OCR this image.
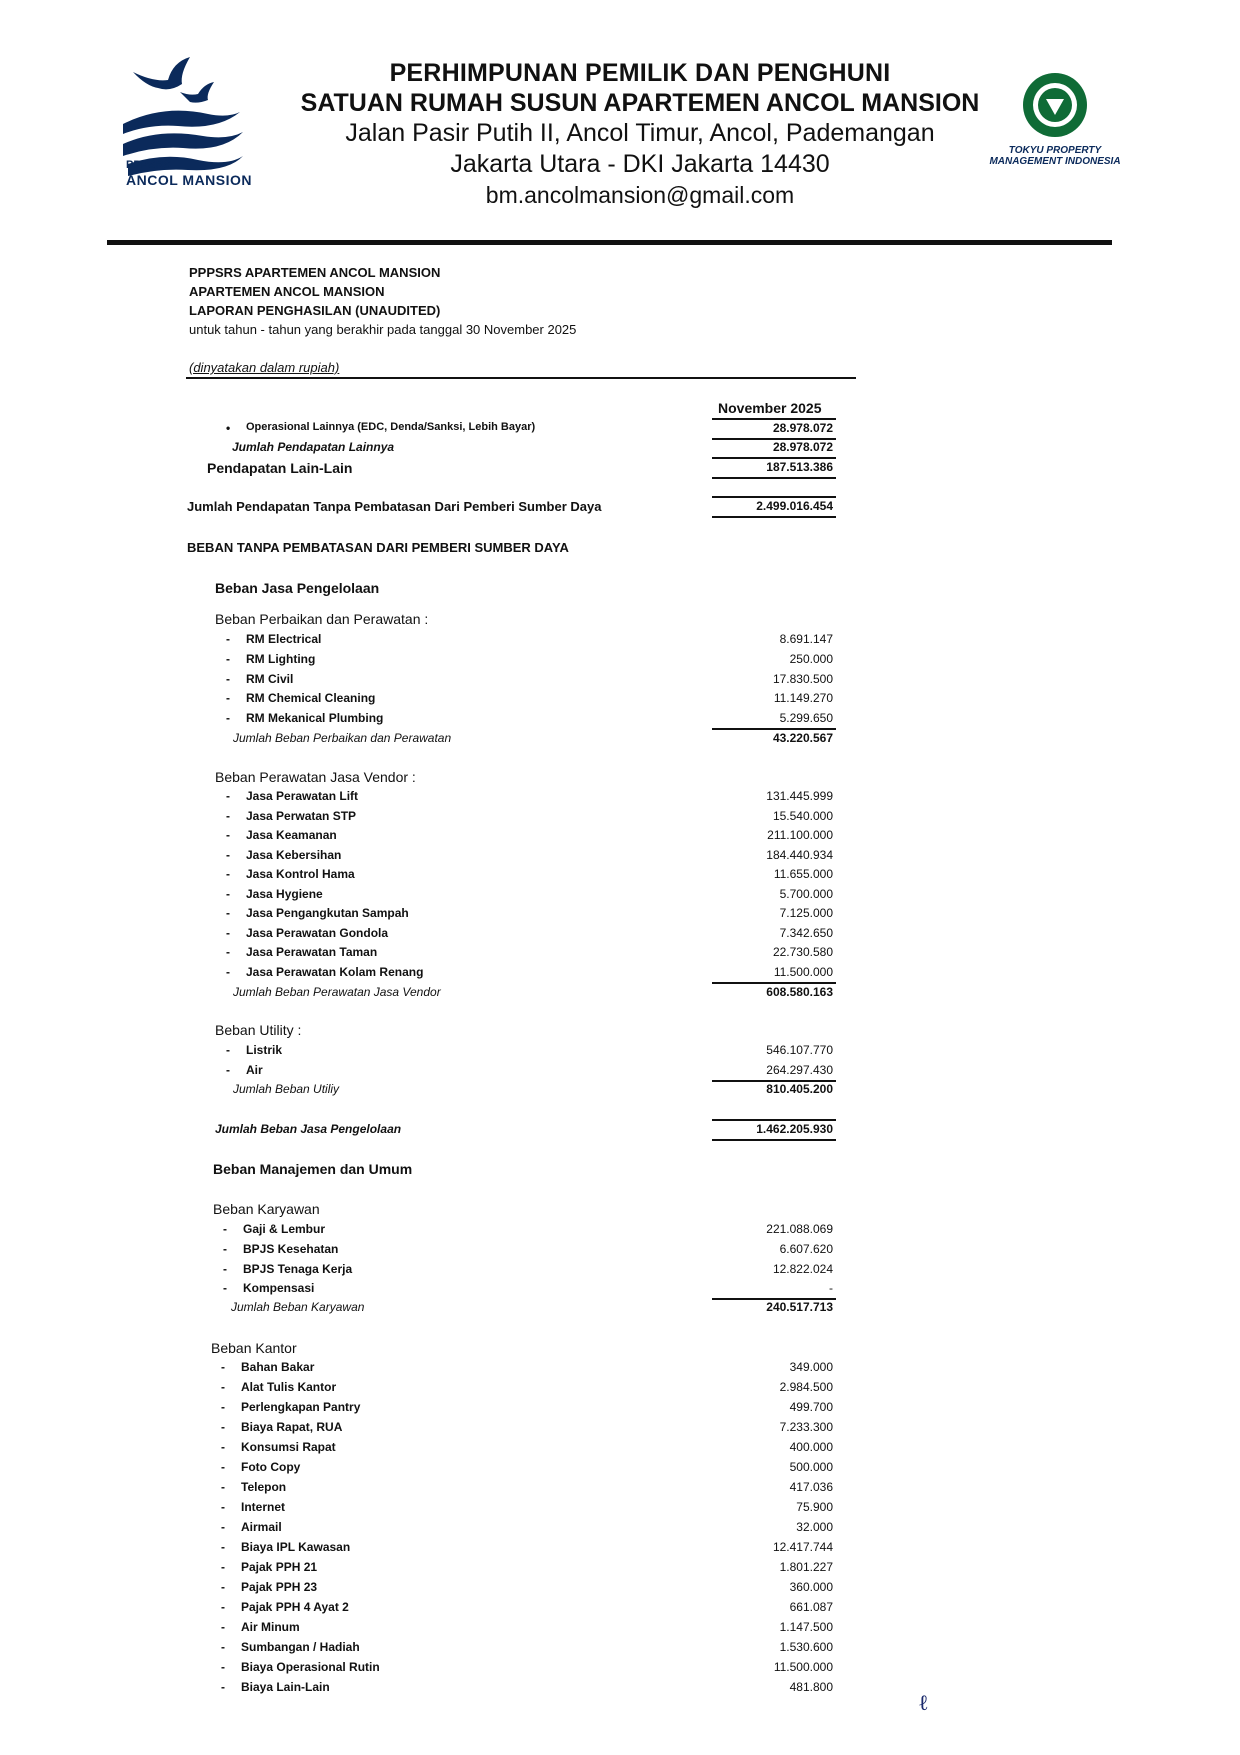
PPPSRS
ANCOL MANSION
PERHIMPUNAN PEMILIK DAN PENGHUNI
SATUAN RUMAH SUSUN APARTEMEN ANCOL MANSION
Jalan Pasir Putih II, Ancol Timur, Ancol, Pademangan
Jakarta Utara - DKI Jakarta 14430
bm.ancolmansion@gmail.com
TOKYU PROPERTY
MANAGEMENT INDONESIA
PPPSRS APARTEMEN ANCOL MANSION
APARTEMEN ANCOL MANSION
LAPORAN PENGHASILAN (UNAUDITED)
untuk tahun - tahun yang berakhir pada tanggal 30 November 2025
(dinyatakan dalam rupiah)
November 2025
• Operasional Lainnya (EDC, Denda/Sanksi, Lebih Bayar)	28.978.072
Jumlah Pendapatan Lainnya	28.978.072
Pendapatan Lain-Lain	187.513.386
Jumlah Pendapatan Tanpa Pembatasan Dari Pemberi Sumber Daya	2.499.016.454
BEBAN TANPA PEMBATASAN DARI PEMBERI SUMBER DAYA
Beban Jasa Pengelolaan
Beban Perbaikan dan Perawatan :
- RM Electrical	8.691.147
- RM Lighting	250.000
- RM Civil	17.830.500
- RM Chemical Cleaning	11.149.270
- RM Mekanical Plumbing	5.299.650
Jumlah Beban Perbaikan dan Perawatan	43.220.567
Beban Perawatan Jasa Vendor :
- Jasa Perawatan Lift	131.445.999
- Jasa Perwatan STP	15.540.000
- Jasa Keamanan	211.100.000
- Jasa Kebersihan	184.440.934
- Jasa Kontrol Hama	11.655.000
- Jasa Hygiene	5.700.000
- Jasa Pengangkutan Sampah	7.125.000
- Jasa Perawatan Gondola	7.342.650
- Jasa Perawatan Taman	22.730.580
- Jasa Perawatan Kolam Renang	11.500.000
Jumlah Beban Perawatan Jasa Vendor	608.580.163
Beban Utility :
- Listrik	546.107.770
- Air	264.297.430
Jumlah Beban Utiliy	810.405.200
Jumlah Beban Jasa Pengelolaan	1.462.205.930
Beban Manajemen dan Umum
Beban Karyawan
- Gaji & Lembur	221.088.069
- BPJS Kesehatan	6.607.620
- BPJS Tenaga Kerja	12.822.024
- Kompensasi	-
Jumlah Beban Karyawan	240.517.713
Beban Kantor
- Bahan Bakar	349.000
- Alat Tulis Kantor	2.984.500
- Perlengkapan Pantry	499.700
- Biaya Rapat, RUA	7.233.300
- Konsumsi Rapat	400.000
- Foto Copy	500.000
- Telepon	417.036
- Internet	75.900
- Airmail	32.000
- Biaya IPL Kawasan	12.417.744
- Pajak PPH 21	1.801.227
- Pajak PPH 23	360.000
- Pajak PPH 4 Ayat 2	661.087
- Air Minum	1.147.500
- Sumbangan / Hadiah	1.530.600
- Biaya Operasional Rutin	11.500.000
- Biaya Lain-Lain	481.800
ℓ
